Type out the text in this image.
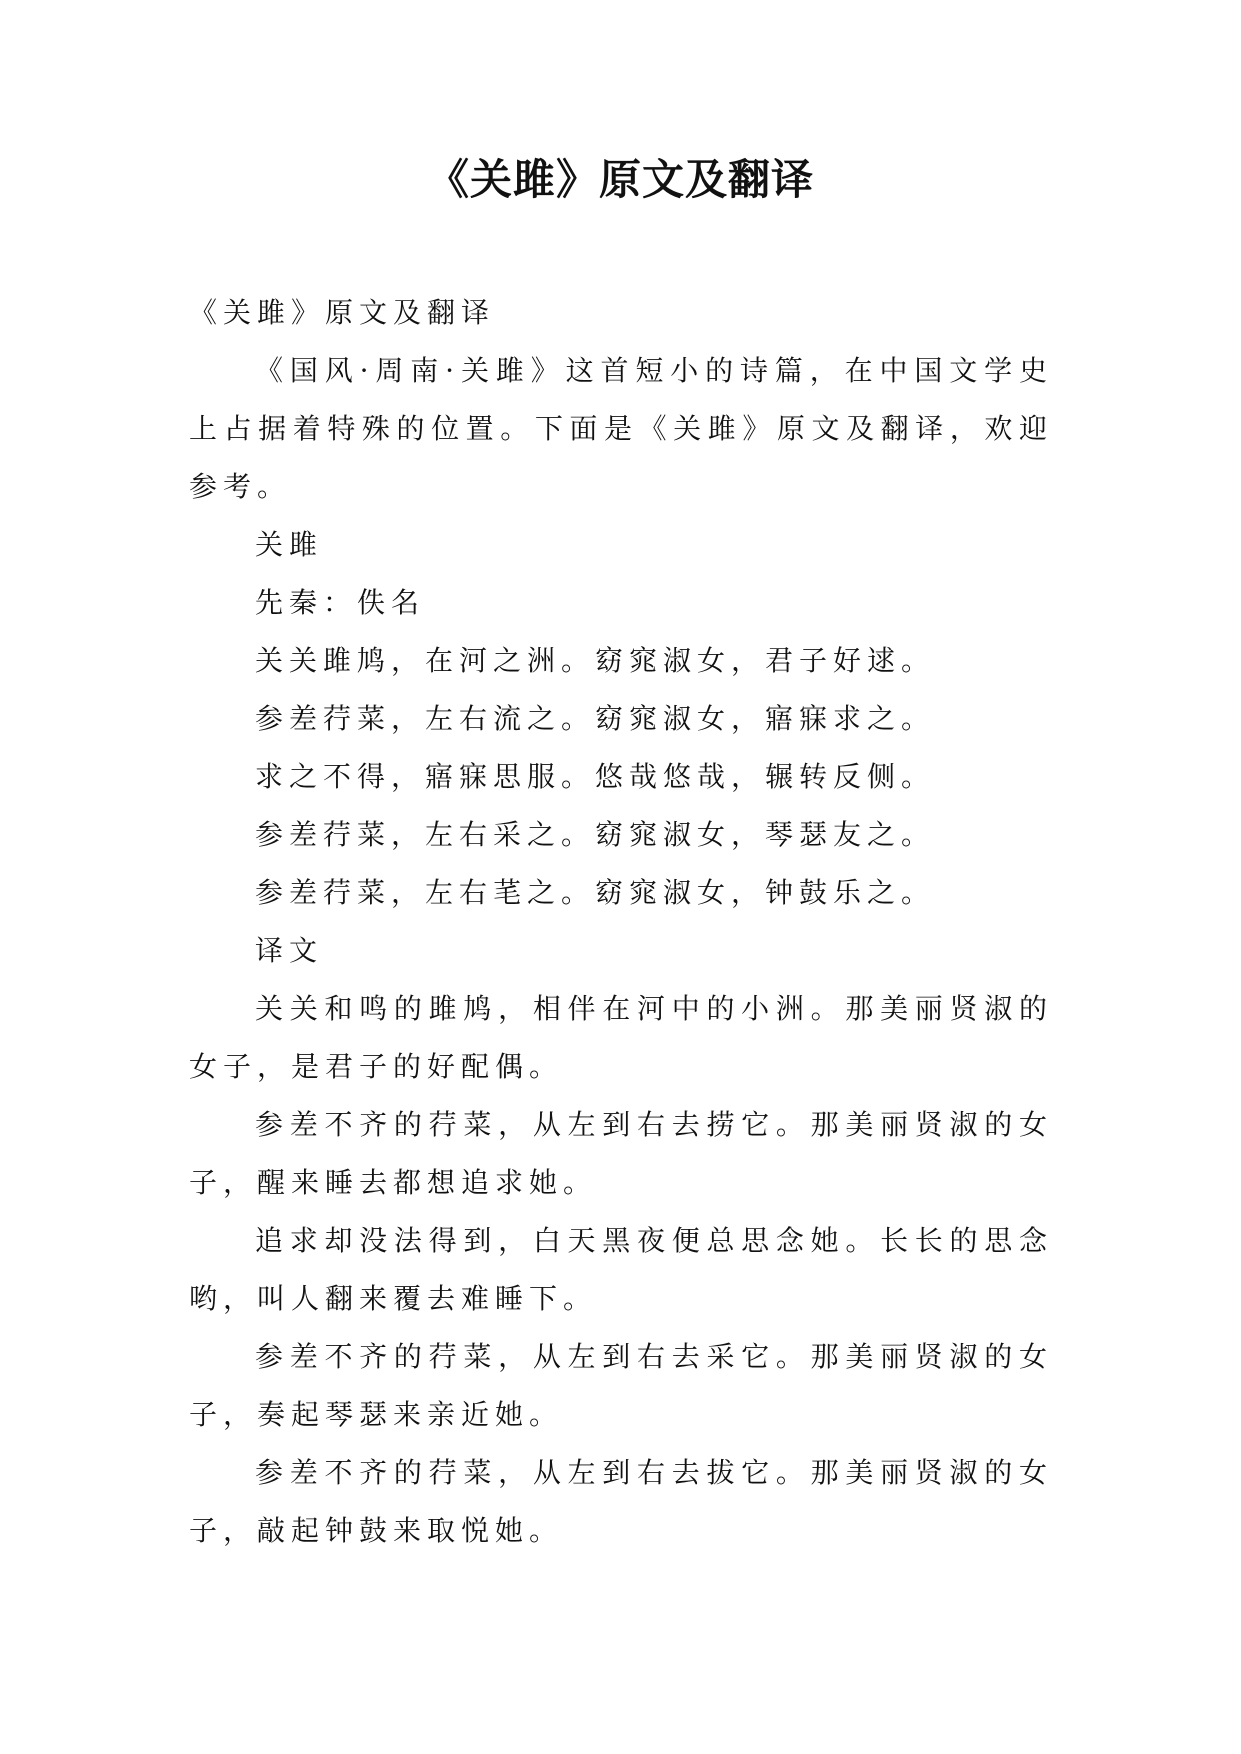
《关雎》原文及翻译

《关雎》原文及翻译

《国风·周南·关雎》这首短小的诗篇，在中国文学史上占据着特殊的位置。下面是《关雎》原文及翻译，欢迎参考。

关雎

先秦：佚名

关关雎鸠，在河之洲。窈窕淑女，君子好逑。

参差荇菜，左右流之。窈窕淑女，寤寐求之。

求之不得，寤寐思服。悠哉悠哉，辗转反侧。

参差荇菜，左右采之。窈窕淑女，琴瑟友之。

参差荇菜，左右芼之。窈窕淑女，钟鼓乐之。

译文

关关和鸣的雎鸠，相伴在河中的小洲。那美丽贤淑的女子，是君子的好配偶。

参差不齐的荇菜，从左到右去捞它。那美丽贤淑的女子，醒来睡去都想追求她。

追求却没法得到，白天黑夜便总思念她。长长的思念哟，叫人翻来覆去难睡下。

参差不齐的荇菜，从左到右去采它。那美丽贤淑的女子，奏起琴瑟来亲近她。

参差不齐的荇菜，从左到右去拔它。那美丽贤淑的女子，敲起钟鼓来取悦她。
